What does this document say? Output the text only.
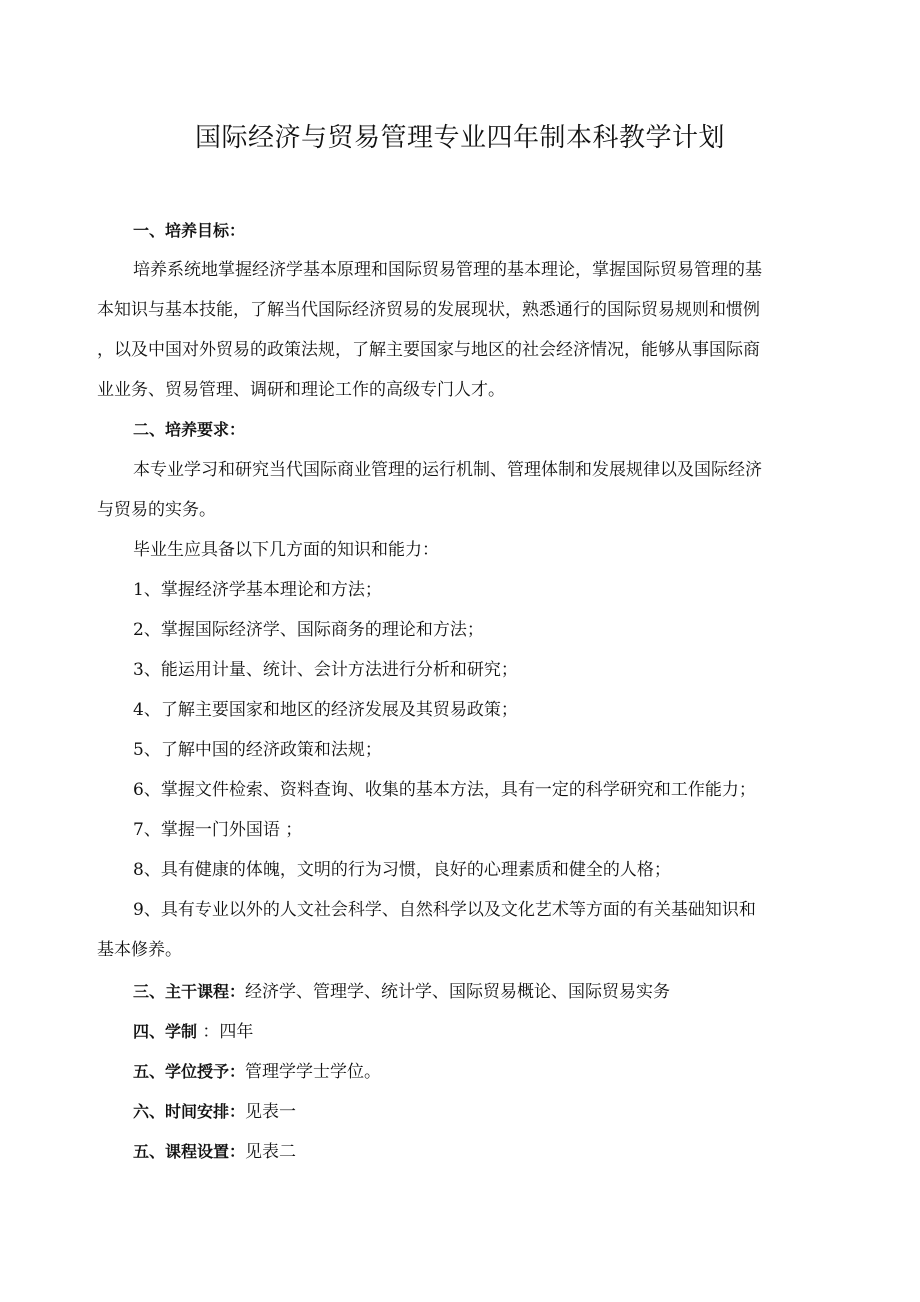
国际经济与贸易管理专业四年制本科教学计划
一、培养目标：
培养系统地掌握经济学基本原理和国际贸易管理的基本理论，掌握国际贸易管理的基
本知识与基本技能，了解当代国际经济贸易的发展现状，熟悉通行的国际贸易规则和惯例
，以及中国对外贸易的政策法规，了解主要国家与地区的社会经济情况，能够从事国际商
业业务、贸易管理、调研和理论工作的高级专门人才。
二、培养要求：
本专业学习和研究当代国际商业管理的运行机制、管理体制和发展规律以及国际经济
与贸易的实务。
毕业生应具备以下几方面的知识和能力：
1、掌握经济学基本理论和方法；
2、掌握国际经济学、国际商务的理论和方法；
3、能运用计量、统计、会计方法进行分析和研究；
4、了解主要国家和地区的经济发展及其贸易政策；
5、了解中国的经济政策和法规；
6、掌握文件检索、资料查询、收集的基本方法，具有一定的科学研究和工作能力；
7、掌握一门外国语 ；
8、具有健康的体魄，文明的行为习惯，良好的心理素质和健全的人格；
9、具有专业以外的人文社会科学、自然科学以及文化艺术等方面的有关基础知识和
基本修养。
三、主干课程：经济学、管理学、统计学、国际贸易概论、国际贸易实务
四、学制 ：四年
五、学位授予：管理学学士学位。
六、时间安排：见表一
五、课程设置：见表二
